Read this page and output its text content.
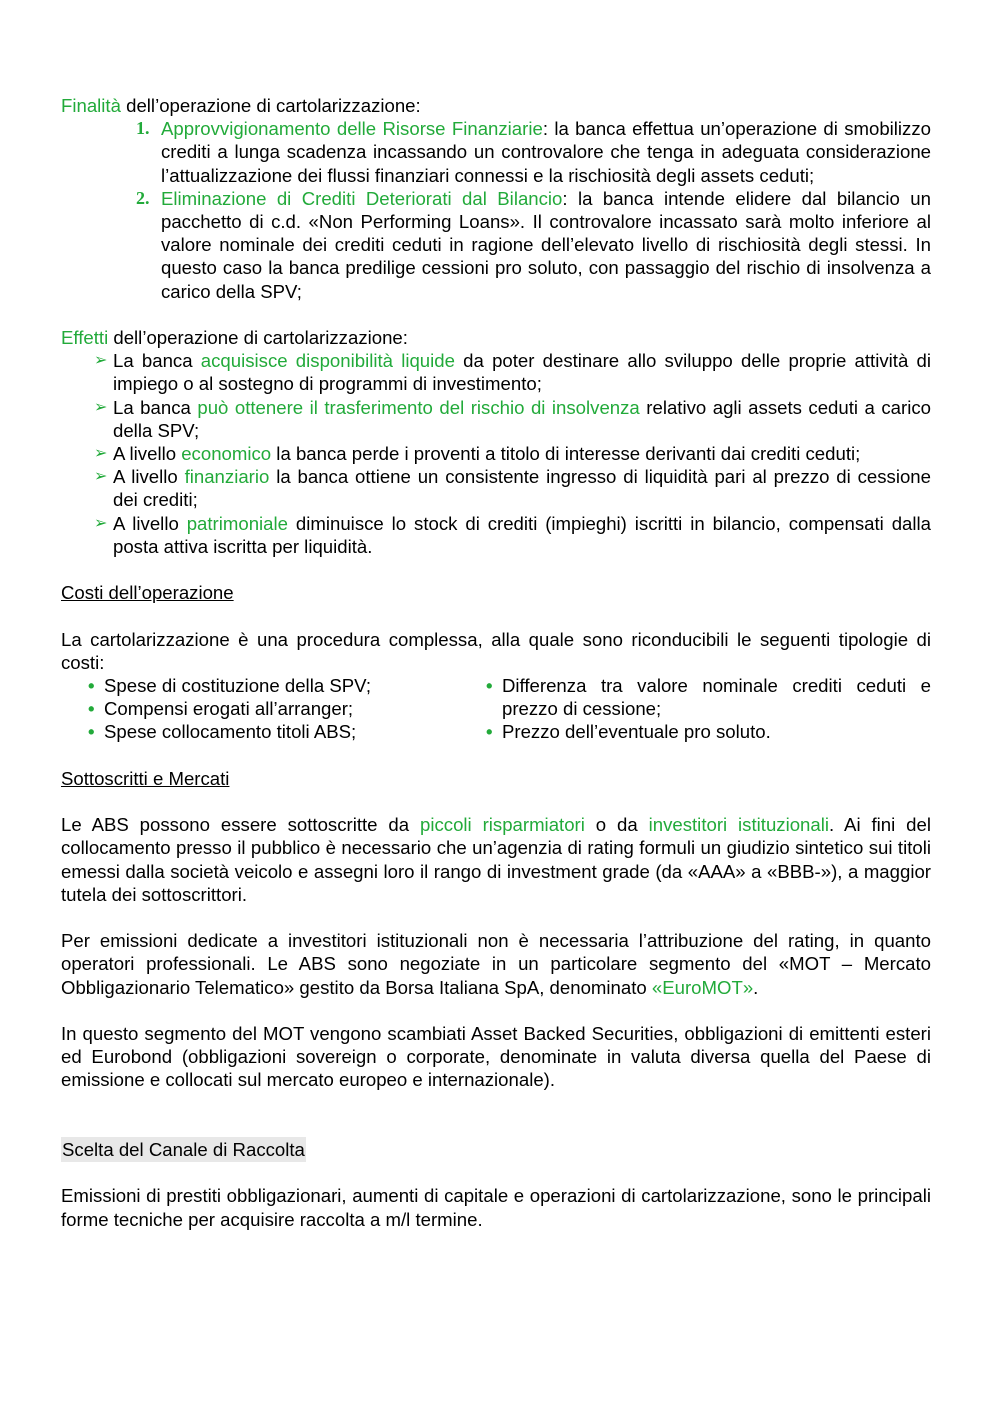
Finalità dell’operazione di cartolarizzazione:

1. Approvvigionamento delle Risorse Finanziarie: la banca effettua un’operazione di smobilizzo crediti a lunga scadenza incassando un controvalore che tenga in adeguata considerazione l’attualizzazione dei flussi finanziari connessi e la rischiosità degli assets ceduti;
2. Eliminazione di Crediti Deteriorati dal Bilancio: la banca intende elidere dal bilancio un pacchetto di c.d. «Non Performing Loans». Il controvalore incassato sarà molto inferiore al valore nominale dei crediti ceduti in ragione dell’elevato livello di rischiosità degli stessi. In questo caso la banca predilige cessioni pro soluto, con passaggio del rischio di insolvenza a carico della SPV;

Effetti dell’operazione di cartolarizzazione:

➢ La banca acquisisce disponibilità liquide da poter destinare allo sviluppo delle proprie attività di impiego o al sostegno di programmi di investimento;
➢ La banca può ottenere il trasferimento del rischio di insolvenza relativo agli assets ceduti a carico della SPV;
➢ A livello economico la banca perde i proventi a titolo di interesse derivanti dai crediti ceduti;
➢ A livello finanziario la banca ottiene un consistente ingresso di liquidità pari al prezzo di cessione dei crediti;
➢ A livello patrimoniale diminuisce lo stock di crediti (impieghi) iscritti in bilancio, compensati dalla posta attiva iscritta per liquidità.

Costi dell’operazione

La cartolarizzazione è una procedura complessa, alla quale sono riconducibili le seguenti tipologie di costi:

• Spese di costituzione della SPV;
• Compensi erogati all’arranger;
• Spese collocamento titoli ABS;
• Differenza tra valore nominale crediti ceduti e prezzo di cessione;
• Prezzo dell’eventuale pro soluto.

Sottoscritti e Mercati

Le ABS possono essere sottoscritte da piccoli risparmiatori o da investitori istituzionali. Ai fini del collocamento presso il pubblico è necessario che un’agenzia di rating formuli un giudizio sintetico sui titoli emessi dalla società veicolo e assegni loro il rango di investment grade (da «AAA» a «BBB-»), a maggior tutela dei sottoscrittori.

Per emissioni dedicate a investitori istituzionali non è necessaria l’attribuzione del rating, in quanto operatori professionali. Le ABS sono negoziate in un particolare segmento del «MOT – Mercato Obbligazionario Telematico» gestito da Borsa Italiana SpA, denominato «EuroMOT».

In questo segmento del MOT vengono scambiati Asset Backed Securities, obbligazioni di emittenti esteri ed Eurobond (obbligazioni sovereign o corporate, denominate in valuta diversa quella del Paese di emissione e collocati sul mercato europeo e internazionale).

Scelta del Canale di Raccolta

Emissioni di prestiti obbligazionari, aumenti di capitale e operazioni di cartolarizzazione, sono le principali forme tecniche per acquisire raccolta a m/l termine.
